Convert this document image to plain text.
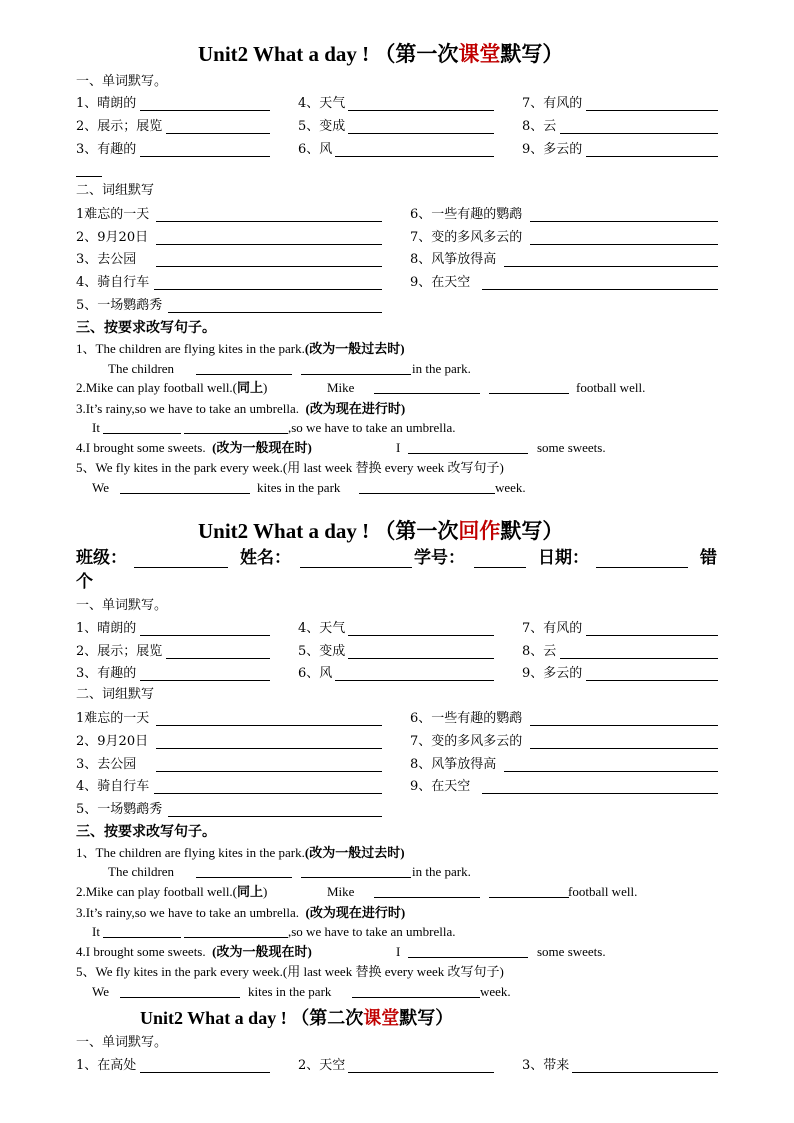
Unit2 What a day ! （第一次课堂默写）
一、单词默写。
1、晴朗的	4、天气	7、有风的
2、展示；展览	5、变成	8、云
3、有趣的	6、风	9、多云的
二、词组默写
1难忘的一天	6、一些有趣的鹦鹉
2、9月20日	7、变的多风多云的
3、去公园	8、风筝放得高
4、骑自行车	9、在天空
5、一场鹦鹉秀
三、按要求改写句子。
1、The children are flying kites in the park.(改为一般过去时)
The children	in the park.
2.Mike can play football well.(同上)	Mike	football well.
3.It’s rainy,so we have to take an umbrella. (改为现在进行时)
It	,so we have to take an umbrella.
4.I brought some sweets. (改为一般现在时)	I	some sweets.
5、We fly kites in the park every week.(用 last week 替换 every week 改写句子)
We	kites in the park	week.
Unit2 What a day ! （第一次回作默写）
班级：	姓名：	学号：	日期：	错
个
一、单词默写。
1、晴朗的	4、天气	7、有风的
2、展示；展览	5、变成	8、云
3、有趣的	6、风	9、多云的
二、词组默写
1难忘的一天	6、一些有趣的鹦鹉
2、9月20日	7、变的多风多云的
3、去公园	8、风筝放得高
4、骑自行车	9、在天空
5、一场鹦鹉秀
三、按要求改写句子。
1、The children are flying kites in the park.(改为一般过去时)
The children	in the park.
2.Mike can play football well.(同上)	Mike	football well.
3.It’s rainy,so we have to take an umbrella. (改为现在进行时)
It	,so we have to take an umbrella.
4.I brought some sweets. (改为一般现在时)	I	some sweets.
5、We fly kites in the park every week.(用 last week 替换 every week 改写句子)
We	kites in the park	week.
Unit2 What a day ! （第二次课堂默写）
一、单词默写。
1、在高处	2、天空	3、带来
